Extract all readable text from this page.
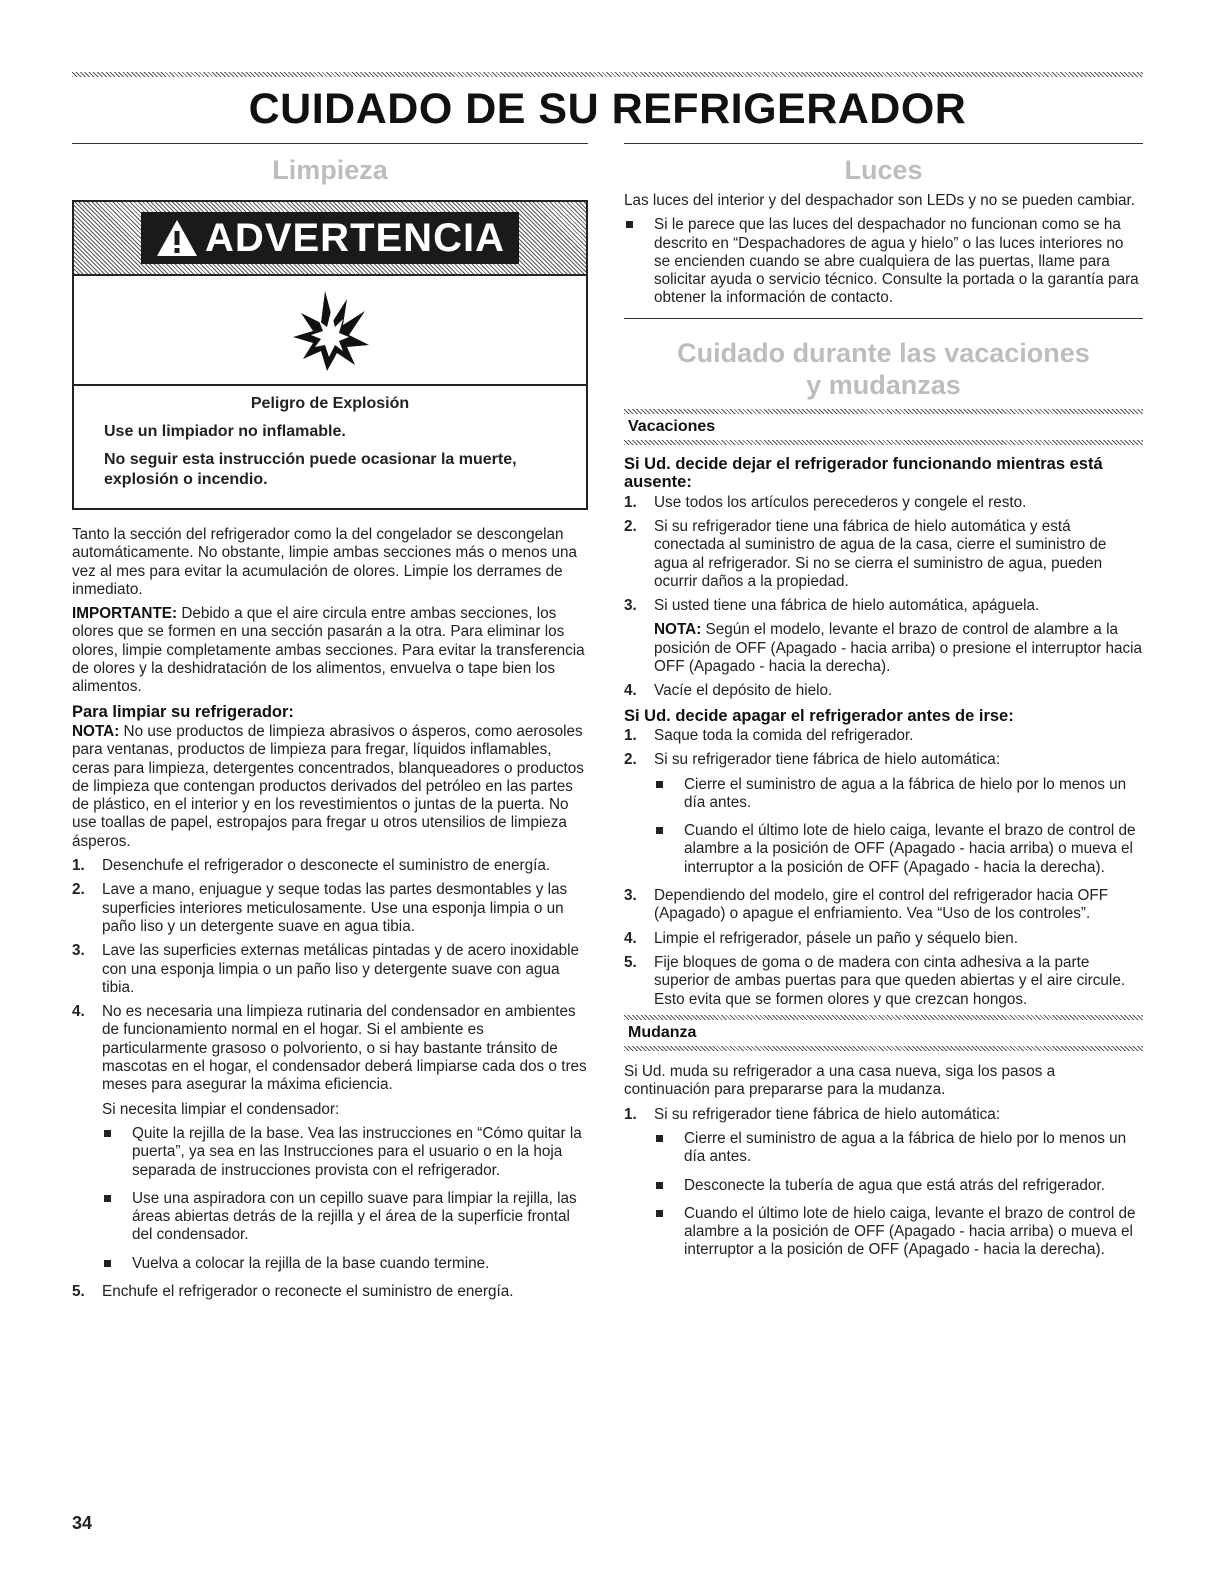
CUIDADO DE SU REFRIGERADOR
Limpieza
ADVERTENCIA
Peligro de Explosión

Use un limpiador no inflamable.

No seguir esta instrucción puede ocasionar la muerte, explosión o incendio.

Tanto la sección del refrigerador como la del congelador se descongelan automáticamente. No obstante, limpie ambas secciones más o menos una vez al mes para evitar la acumulación de olores. Limpie los derrames de inmediato.

IMPORTANTE: Debido a que el aire circula entre ambas secciones, los olores que se formen en una sección pasarán a la otra. Para eliminar los olores, limpie completamente ambas secciones. Para evitar la transferencia de olores y la deshidratación de los alimentos, envuelva o tape bien los alimentos.

Para limpiar su refrigerador:

NOTA: No use productos de limpieza abrasivos o ásperos, como aerosoles para ventanas, productos de limpieza para fregar, líquidos inflamables, ceras para limpieza, detergentes concentrados, blanqueadores o productos de limpieza que contengan productos derivados del petróleo en las partes de plástico, en el interior y en los revestimientos o juntas de la puerta. No use toallas de papel, estropajos para fregar u otros utensilios de limpieza ásperos.

1. Desenchufe el refrigerador o desconecte el suministro de energía.
2. Lave a mano, enjuague y seque todas las partes desmontables y las superficies interiores meticulosamente. Use una esponja limpia o un paño liso y un detergente suave en agua tibia.
3. Lave las superficies externas metálicas pintadas y de acero inoxidable con una esponja limpia o un paño liso y detergente suave con agua tibia.
4. No es necesaria una limpieza rutinaria del condensador en ambientes de funcionamiento normal en el hogar. Si el ambiente es particularmente grasoso o polvoriento, o si hay bastante tránsito de mascotas en el hogar, el condensador deberá limpiarse cada dos o tres meses para asegurar la máxima eficiencia.
Si necesita limpiar el condensador:
Quite la rejilla de la base. Vea las instrucciones en “Cómo quitar la puerta”, ya sea en las Instrucciones para el usuario o en la hoja separada de instrucciones provista con el refrigerador.
Use una aspiradora con un cepillo suave para limpiar la rejilla, las áreas abiertas detrás de la rejilla y el área de la superficie frontal del condensador.
Vuelva a colocar la rejilla de la base cuando termine.
5. Enchufe el refrigerador o reconecte el suministro de energía.
Luces

Las luces del interior y del despachador son LEDs y no se pueden cambiar.

Si le parece que las luces del despachador no funcionan como se ha descrito en “Despachadores de agua y hielo” o las luces interiores no se encienden cuando se abre cualquiera de las puertas, llame para solicitar ayuda o servicio técnico. Consulte la portada o la garantía para obtener la información de contacto.
Cuidado durante las vacaciones
y mudanzas
Vacaciones
Si Ud. decide dejar el refrigerador funcionando mientras está ausente:
1. Use todos los artículos perecederos y congele el resto.
2. Si su refrigerador tiene una fábrica de hielo automática y está conectada al suministro de agua de la casa, cierre el suministro de agua al refrigerador. Si no se cierra el suministro de agua, pueden ocurrir daños a la propiedad.
3. Si usted tiene una fábrica de hielo automática, apáguela.
NOTA: Según el modelo, levante el brazo de control de alambre a la posición de OFF (Apagado - hacia arriba) o presione el interruptor hacia OFF (Apagado - hacia la derecha).
4. Vacíe el depósito de hielo.
Si Ud. decide apagar el refrigerador antes de irse:
1. Saque toda la comida del refrigerador.
2. Si su refrigerador tiene fábrica de hielo automática:
Cierre el suministro de agua a la fábrica de hielo por lo menos un día antes.
Cuando el último lote de hielo caiga, levante el brazo de control de alambre a la posición de OFF (Apagado - hacia arriba) o mueva el interruptor a la posición de OFF (Apagado - hacia la derecha).
3. Dependiendo del modelo, gire el control del refrigerador hacia OFF (Apagado) o apague el enfriamiento. Vea “Uso de los controles”.
4. Limpie el refrigerador, pásele un paño y séquelo bien.
5. Fije bloques de goma o de madera con cinta adhesiva a la parte superior de ambas puertas para que queden abiertas y el aire circule. Esto evita que se formen olores y que crezcan hongos.
Mudanza

Si Ud. muda su refrigerador a una casa nueva, siga los pasos a continuación para prepararse para la mudanza.

1. Si su refrigerador tiene fábrica de hielo automática:
Cierre el suministro de agua a la fábrica de hielo por lo menos un día antes.
Desconecte la tubería de agua que está atrás del refrigerador.
Cuando el último lote de hielo caiga, levante el brazo de control de alambre a la posición de OFF (Apagado - hacia arriba) o mueva el interruptor a la posición de OFF (Apagado - hacia la derecha).
34
